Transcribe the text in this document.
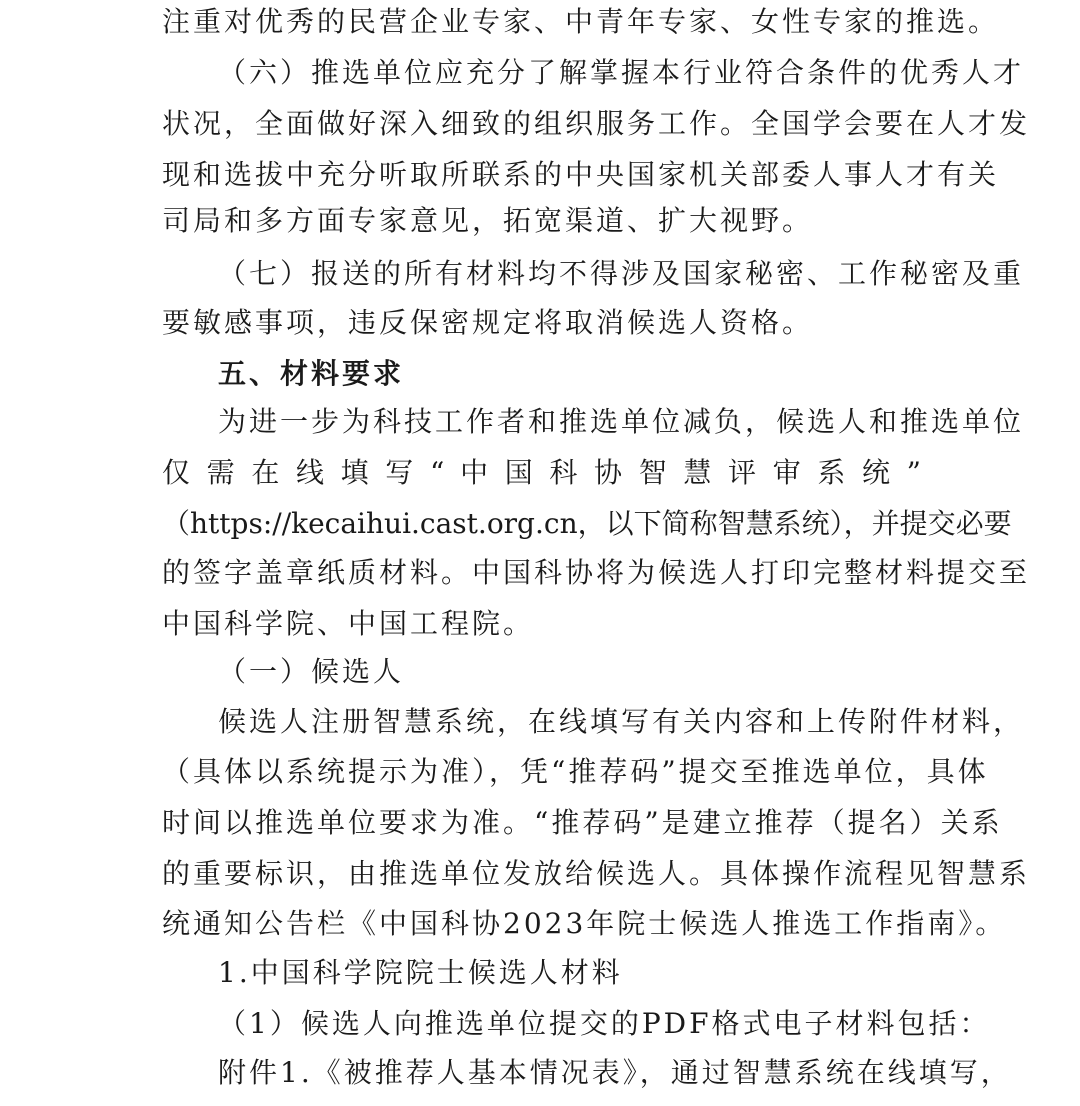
注重对优秀的民营企业专家、中青年专家、女性专家的推选。
（六）推选单位应充分了解掌握本行业符合条件的优秀人才
状况，全面做好深入细致的组织服务工作。全国学会要在人才发
现和选拔中充分听取所联系的中央国家机关部委人事人才有关
司局和多方面专家意见，拓宽渠道、扩大视野。
（七）报送的所有材料均不得涉及国家秘密、工作秘密及重
要敏感事项，违反保密规定将取消候选人资格。
五、材料要求
为进一步为科技工作者和推选单位减负，候选人和推选单位
仅 需 在 线 填 写 “ 中 国 科 协 智 慧 评 审 系 统 ”
（https://kecaihui.cast.org.cn，以下简称智慧系统），并提交必要
的签字盖章纸质材料。中国科协将为候选人打印完整材料提交至
中国科学院、中国工程院。
（一）候选人
候选人注册智慧系统，在线填写有关内容和上传附件材料，
（具体以系统提示为准），凭“推荐码”提交至推选单位，具体
时间以推选单位要求为准。“推荐码”是建立推荐（提名）关系
的重要标识，由推选单位发放给候选人。具体操作流程见智慧系
统通知公告栏《中国科协2023年院士候选人推选工作指南》。
1.中国科学院院士候选人材料
（1）候选人向推选单位提交的PDF格式电子材料包括：
附件1.《被推荐人基本情况表》，通过智慧系统在线填写，
